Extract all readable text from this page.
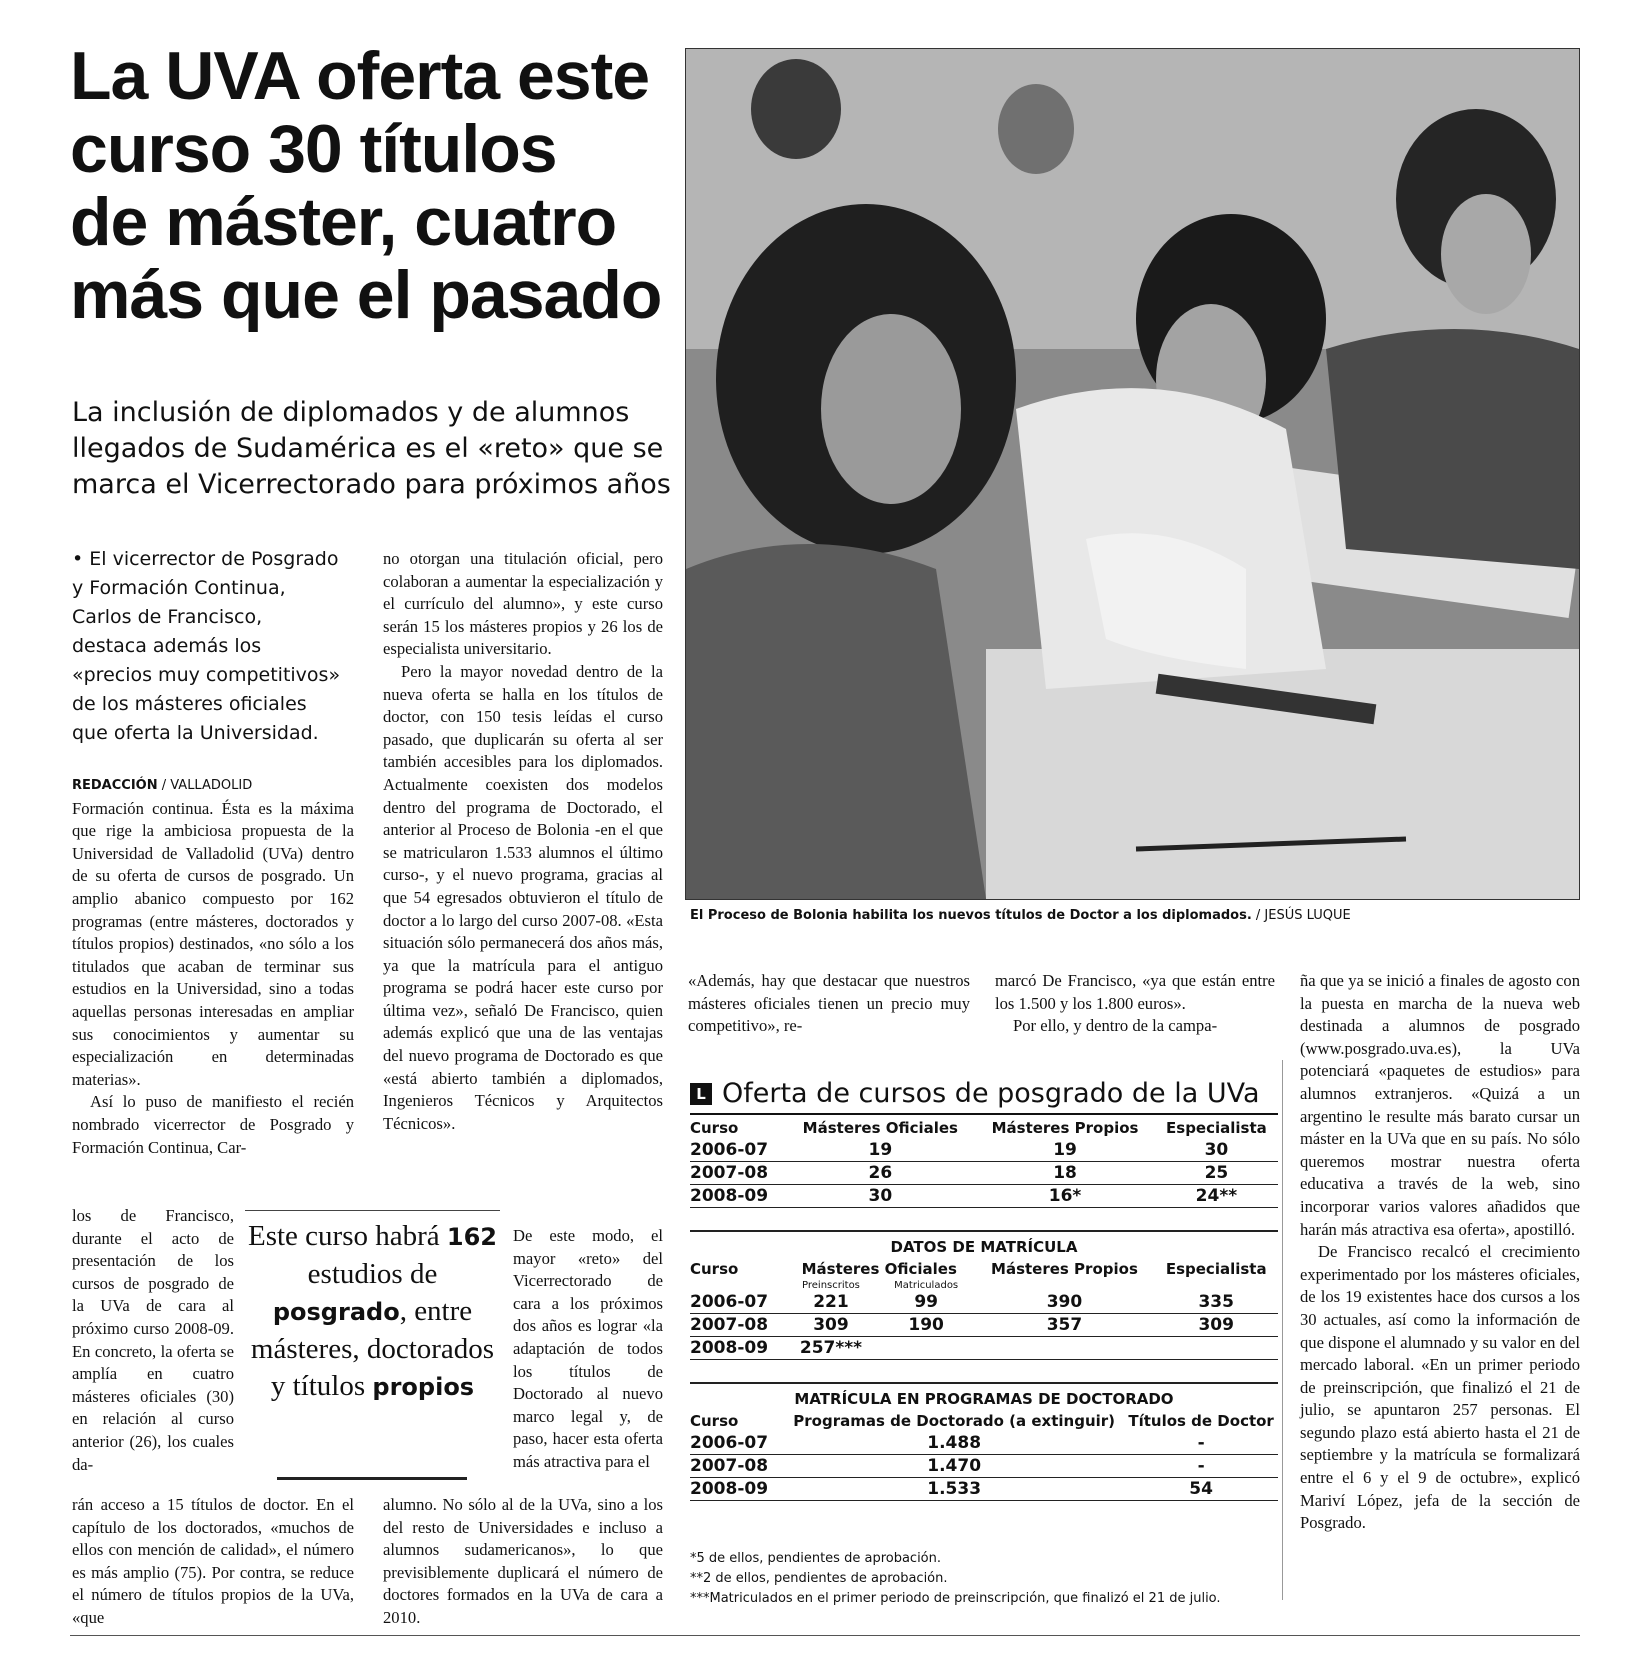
La UVA oferta este
curso 30 títulos
de máster, cuatro
más que el pasado
La inclusión de diplomados y de alumnos
llegados de Sudamérica es el «reto» que se
marca el Vicerrectorado para próximos años
• El vicerrector de Posgrado y Formación Continua, Carlos de Francisco, destaca además los «precios muy competitivos» de los másteres oficiales que oferta la Universidad.
REDACCIÓN / VALLADOLID

Formación continua. Ésta es la máxima que rige la ambiciosa propuesta de la Universidad de Valladolid (UVa) dentro de su oferta de cursos de posgrado. Un amplio abanico compuesto por 162 programas (entre másteres, doctorados y títulos propios) destinados, «no sólo a los titulados que acaban de terminar sus estudios en la Universidad, sino a todas aquellas personas interesadas en ampliar sus conocimientos y aumentar su especialización en determinadas materias».

Así lo puso de manifiesto el recién nombrado vicerrector de Posgrado y Formación Continua, Car-

los de Francisco, durante el acto de presentación de los cursos de posgrado de la UVa de cara al próximo curso 2008-09. En concreto, la oferta se amplía en cuatro másteres oficiales (30) en relación al curso anterior (26), los cuales da-
rán acceso a 15 títulos de doctor. En el capítulo de los doctorados, «muchos de ellos con mención de calidad», el número es más amplio (75). Por contra, se reduce el número de títulos propios de la UVa, «que

no otorgan una titulación oficial, pero colaboran a aumentar la especialización y el currículo del alumno», y este curso serán 15 los másteres propios y 26 los de especialista universitario.

Pero la mayor novedad dentro de la nueva oferta se halla en los títulos de doctor, con 150 tesis leídas el curso pasado, que duplicarán su oferta al ser también accesibles para los diplomados. Actualmente coexisten dos modelos dentro del programa de Doctorado, el anterior al Proceso de Bolonia -en el que se matricularon 1.533 alumnos el último curso-, y el nuevo programa, gracias al que 54 egresados obtuvieron el título de doctor a lo largo del curso 2007-08. «Esta situación sólo permanecerá dos años más, ya que la matrícula para el antiguo programa se podrá hacer este curso por última vez», señaló De Francisco, quien además explicó que una de las ventajas del nuevo programa de Doctorado es que «está abierto también a diplomados, Ingenieros Técnicos y Arquitectos Técnicos».

De este modo, el mayor «reto» del Vicerrectorado de cara a los próximos dos años es lograr «la adaptación de todos los títulos de Doctorado al nuevo marco legal y, de paso, hacer esta oferta más atractiva para el
alumno. No sólo al de la UVa, sino a los del resto de Universidades e incluso a alumnos sudamericanos», lo que previsiblemente duplicará el número de doctores formados en la UVa de cara a 2010.
Este curso habrá 162 estudios de posgrado, entre másteres, doctorados y títulos propios
El Proceso de Bolonia habilita los nuevos títulos de Doctor a los diplomados. / JESÚS LUQUE
«Además, hay que destacar que nuestros másteres oficiales tienen un precio muy competitivo», re-

marcó De Francisco, «ya que están entre los 1.500 y los 1.800 euros».

Por ello, y dentro de la campa-

ña que ya se inició a finales de agosto con la puesta en marcha de la nueva web destinada a alumnos de posgrado (www.posgrado.uva.es), la UVa potenciará «paquetes de estudios» para alumnos extranjeros. «Quizá a un argentino le resulte más barato cursar un máster en la UVa que en su país. No sólo queremos mostrar nuestra oferta educativa a través de la web, sino incorporar varios valores añadidos que harán más atractiva esa oferta», apostilló.

De Francisco recalcó el crecimiento experimentado por los másteres oficiales, de los 19 existentes hace dos cursos a los 30 actuales, así como la información de que dispone el alumnado y su valor en del mercado laboral. «En un primer periodo de preinscripción, que finalizó el 21 de julio, se apuntaron 257 personas. El segundo plazo está abierto hasta el 21 de septiembre y la matrícula se formalizará entre el 6 y el 9 de octubre», explicó Mariví López, jefa de la sección de Posgrado.

L Oferta de cursos de posgrado de la UVa
Curso	Másteres Oficiales	Másteres Propios	Especialista
2006-07	19	19	30
2007-08	26	18	25
2008-09	30	16*	24**
DATOS DE MATRÍCULA
Curso	Másteres Oficiales		Másteres Propios	Especialista
	Preinscritos	Matriculados		
2006-07	221	99	390	335
2007-08	309	190	357	309
2008-09	257***			
MATRÍCULA EN PROGRAMAS DE DOCTORADO
Curso	Programas de Doctorado (a extinguir)	Títulos de Doctor
2006-07	1.488	-
2007-08	1.470	-
2008-09	1.533	54
*5 de ellos, pendientes de aprobación.
**2 de ellos, pendientes de aprobación.
***Matriculados en el primer periodo de preinscripción, que finalizó el 21 de julio.
